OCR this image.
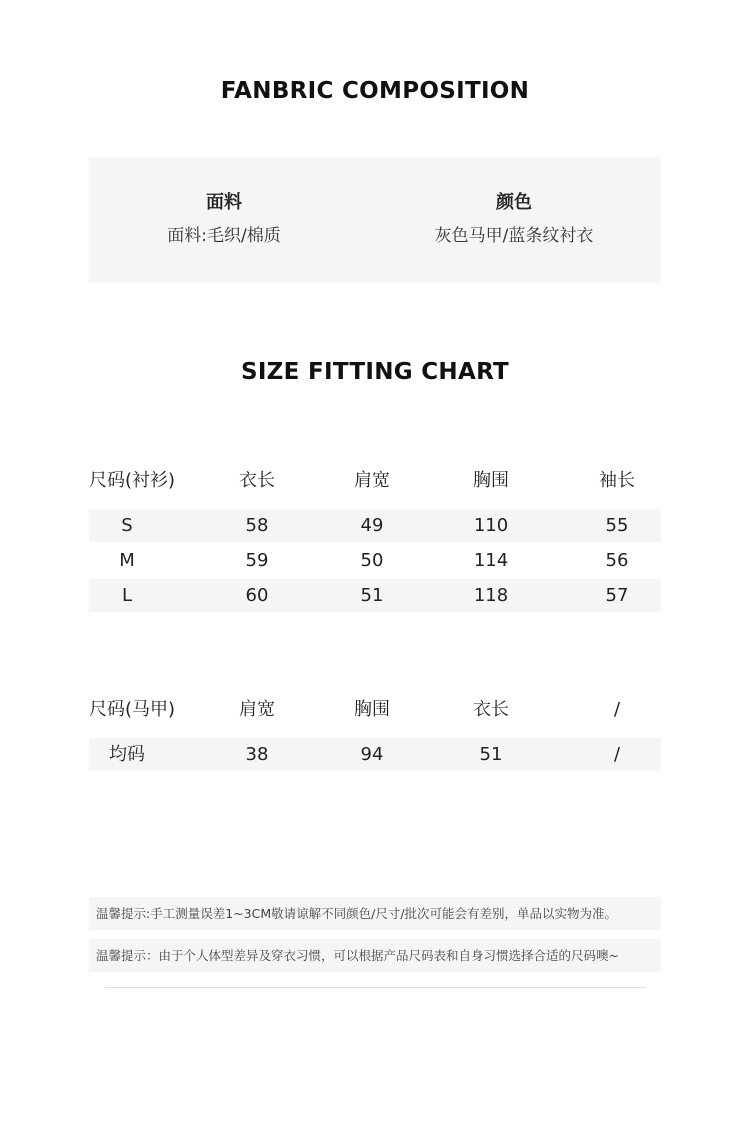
FANBRIC COMPOSITION
面料
面料:毛织/棉质
颜色
灰色马甲/蓝条纹衬衣
SIZE FITTING CHART
尺码(衬衫)	衣长	肩宽	胸围	袖长
S	58	49	110	55
M	59	50	114	56
L	60	51	118	57
尺码(马甲)	肩宽	胸围	衣长	/
均码	38	94	51	/
温馨提示:手工测量误差1~3CM敬请谅解不同颜色/尺寸/批次可能会有差别，单品以实物为准。
温馨提示：由于个人体型差异及穿衣习惯，可以根据产品尺码表和自身习惯选择合适的尺码噢~
